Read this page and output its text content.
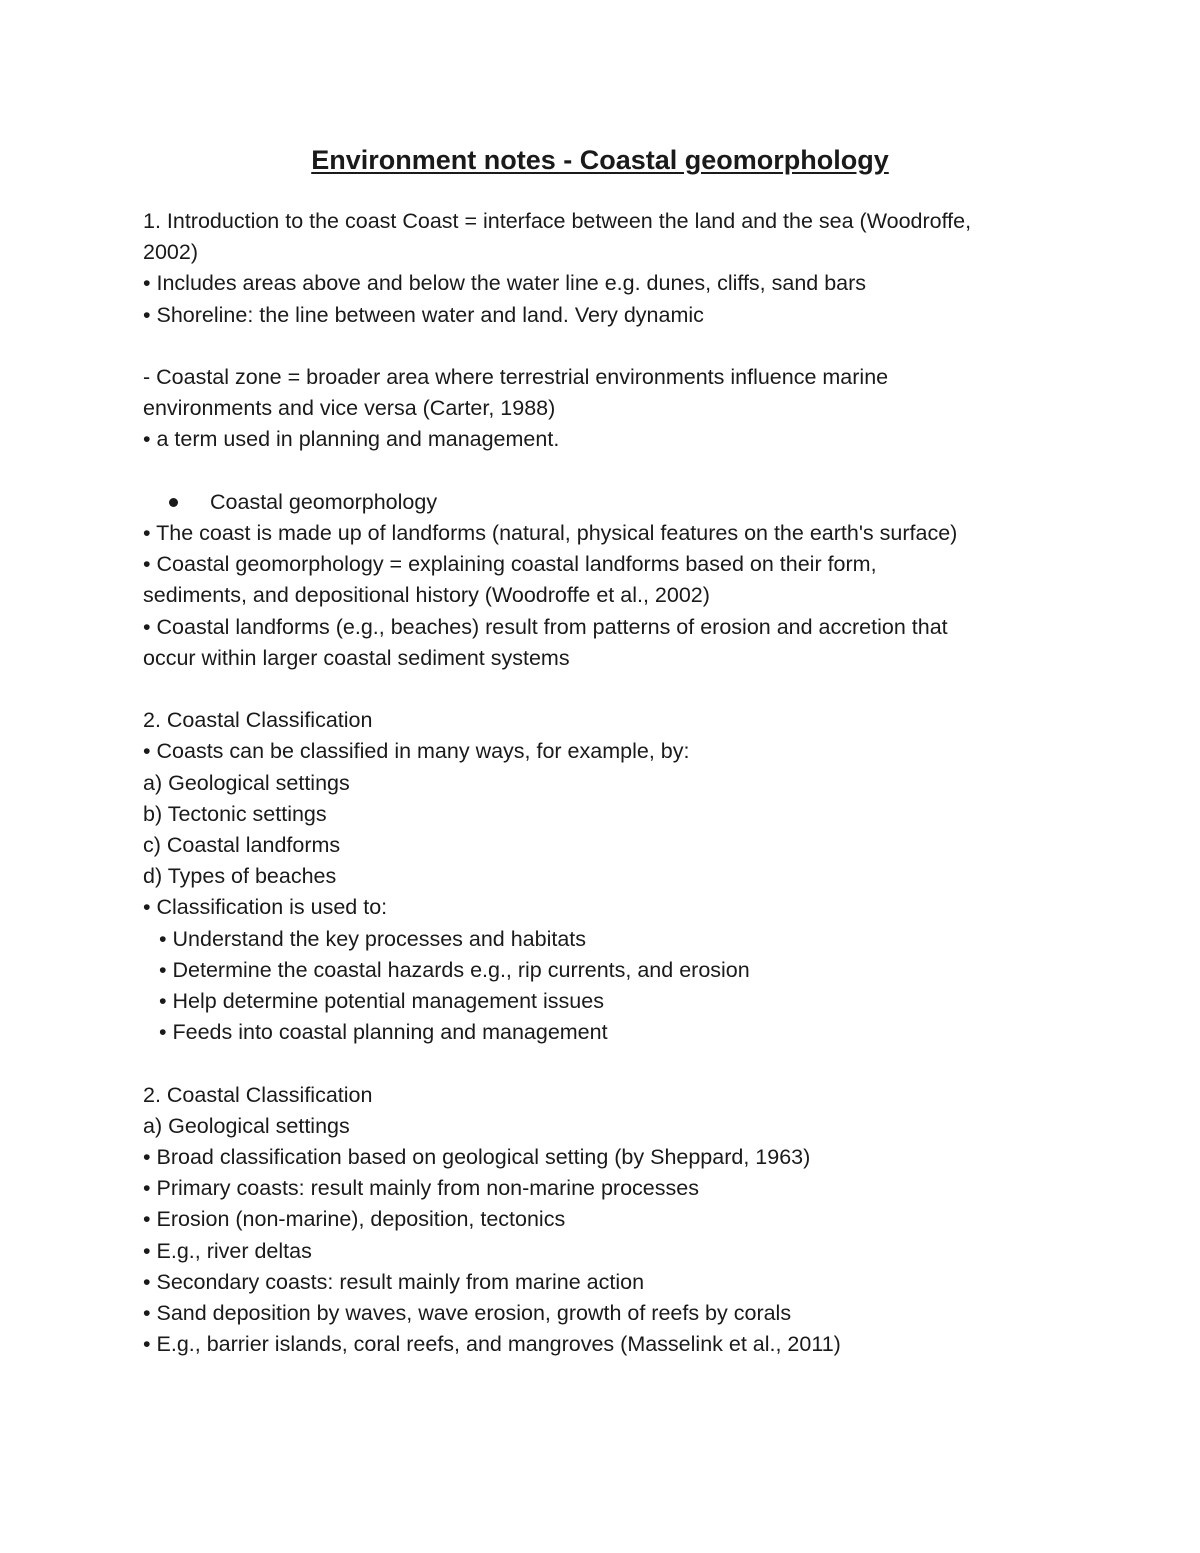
Environment notes - Coastal geomorphology
1. Introduction to the coast Coast = interface between the land and the sea (Woodroffe,
2002)
• Includes areas above and below the water line e.g. dunes, cliffs, sand bars
• Shoreline: the line between water and land. Very dynamic
- Coastal zone = broader area where terrestrial environments influence marine
environments and vice versa (Carter, 1988)
• a term used in planning and management.
Coastal geomorphology
• The coast is made up of landforms (natural, physical features on the earth's surface)
• Coastal geomorphology = explaining coastal landforms based on their form,
sediments, and depositional history (Woodroffe et al., 2002)
• Coastal landforms (e.g., beaches) result from patterns of erosion and accretion that
occur within larger coastal sediment systems
2. Coastal Classification
• Coasts can be classified in many ways, for example, by:
a) Geological settings
b) Tectonic settings
c) Coastal landforms
d) Types of beaches
• Classification is used to:
• Understand the key processes and habitats
• Determine the coastal hazards e.g., rip currents, and erosion
• Help determine potential management issues
• Feeds into coastal planning and management
2. Coastal Classification
a) Geological settings
• Broad classification based on geological setting (by Sheppard, 1963)
• Primary coasts: result mainly from non-marine processes
• Erosion (non-marine), deposition, tectonics
• E.g., river deltas
• Secondary coasts: result mainly from marine action
• Sand deposition by waves, wave erosion, growth of reefs by corals
• E.g., barrier islands, coral reefs, and mangroves (Masselink et al., 2011)
